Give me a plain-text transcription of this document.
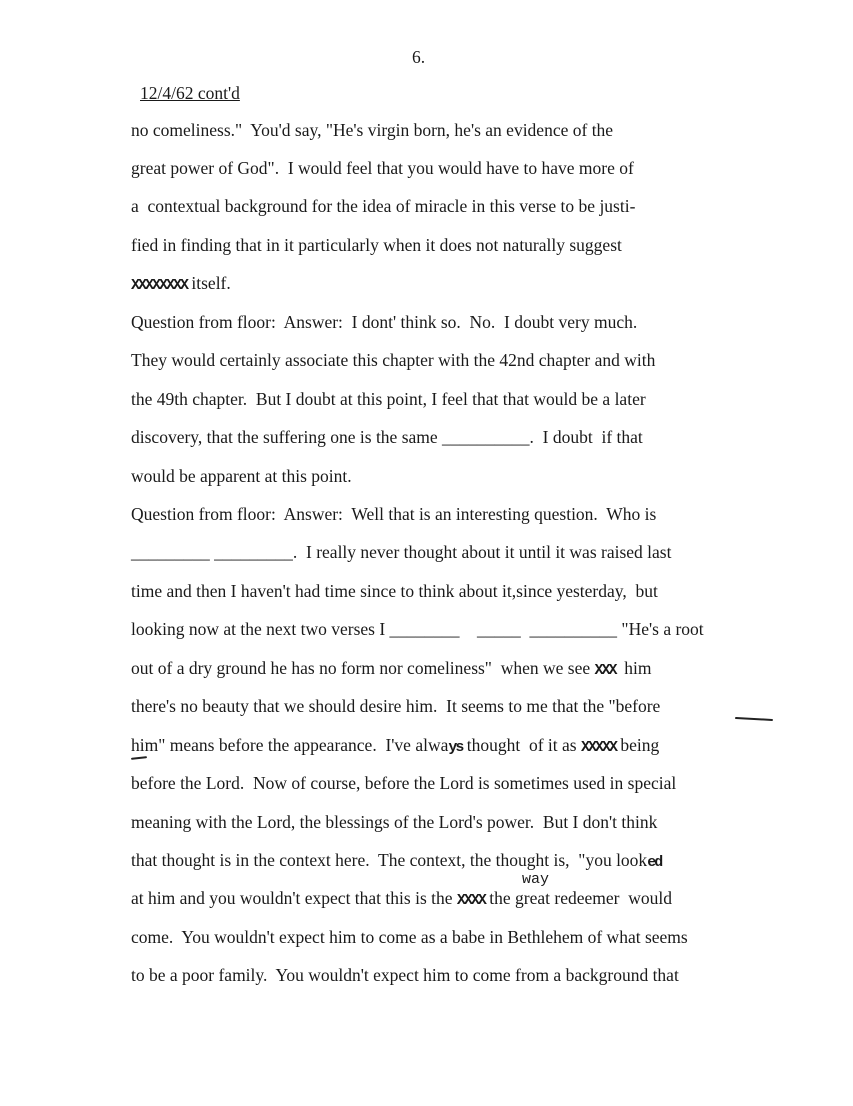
6.
12/4/62 cont'd
no comeliness."  You'd say, "He's virgin born, he's an evidence of the
great power of God".  I would feel that you would have to have more of
a  contextual background for the idea of miracle in this verse to be justi-
fied in finding that in it particularly when it does not naturally suggest
XXXXXXXX itself.
Question from floor:  Answer:  I dont' think so.  No.  I doubt very much.
They would certainly associate this chapter with the 42nd chapter and with
the 49th chapter.  But I doubt at this point, I feel that that would be a later
discovery, that the suffering one is the same __________.  I doubt  if that
would be apparent at this point.
Question from floor:  Answer:  Well that is an interesting question.  Who is
_________ _________.  I really never thought about it until it was raised last
time and then I haven't had time since to think about it,since yesterday,  but
looking now at the next two verses I ________    _____  __________ "He's a root
out of a dry ground he has no form nor comeliness"  when we see XXX  him
there's no beauty that we should desire him.  It seems to me that the "before
him" means before the appearance.  I've always thought  of it as XXXXX being
before the Lord.  Now of course, before the Lord is sometimes used in special
meaning with the Lord, the blessings of the Lord's power.  But I don't think
that thought is in the context here.  The context, the thought is,  "you looked
way
at him and you wouldn't expect that this is the XXXX the great redeemer  would
come.  You wouldn't expect him to come as a babe in Bethlehem of what seems
to be a poor family.  You wouldn't expect him to come from a background that
